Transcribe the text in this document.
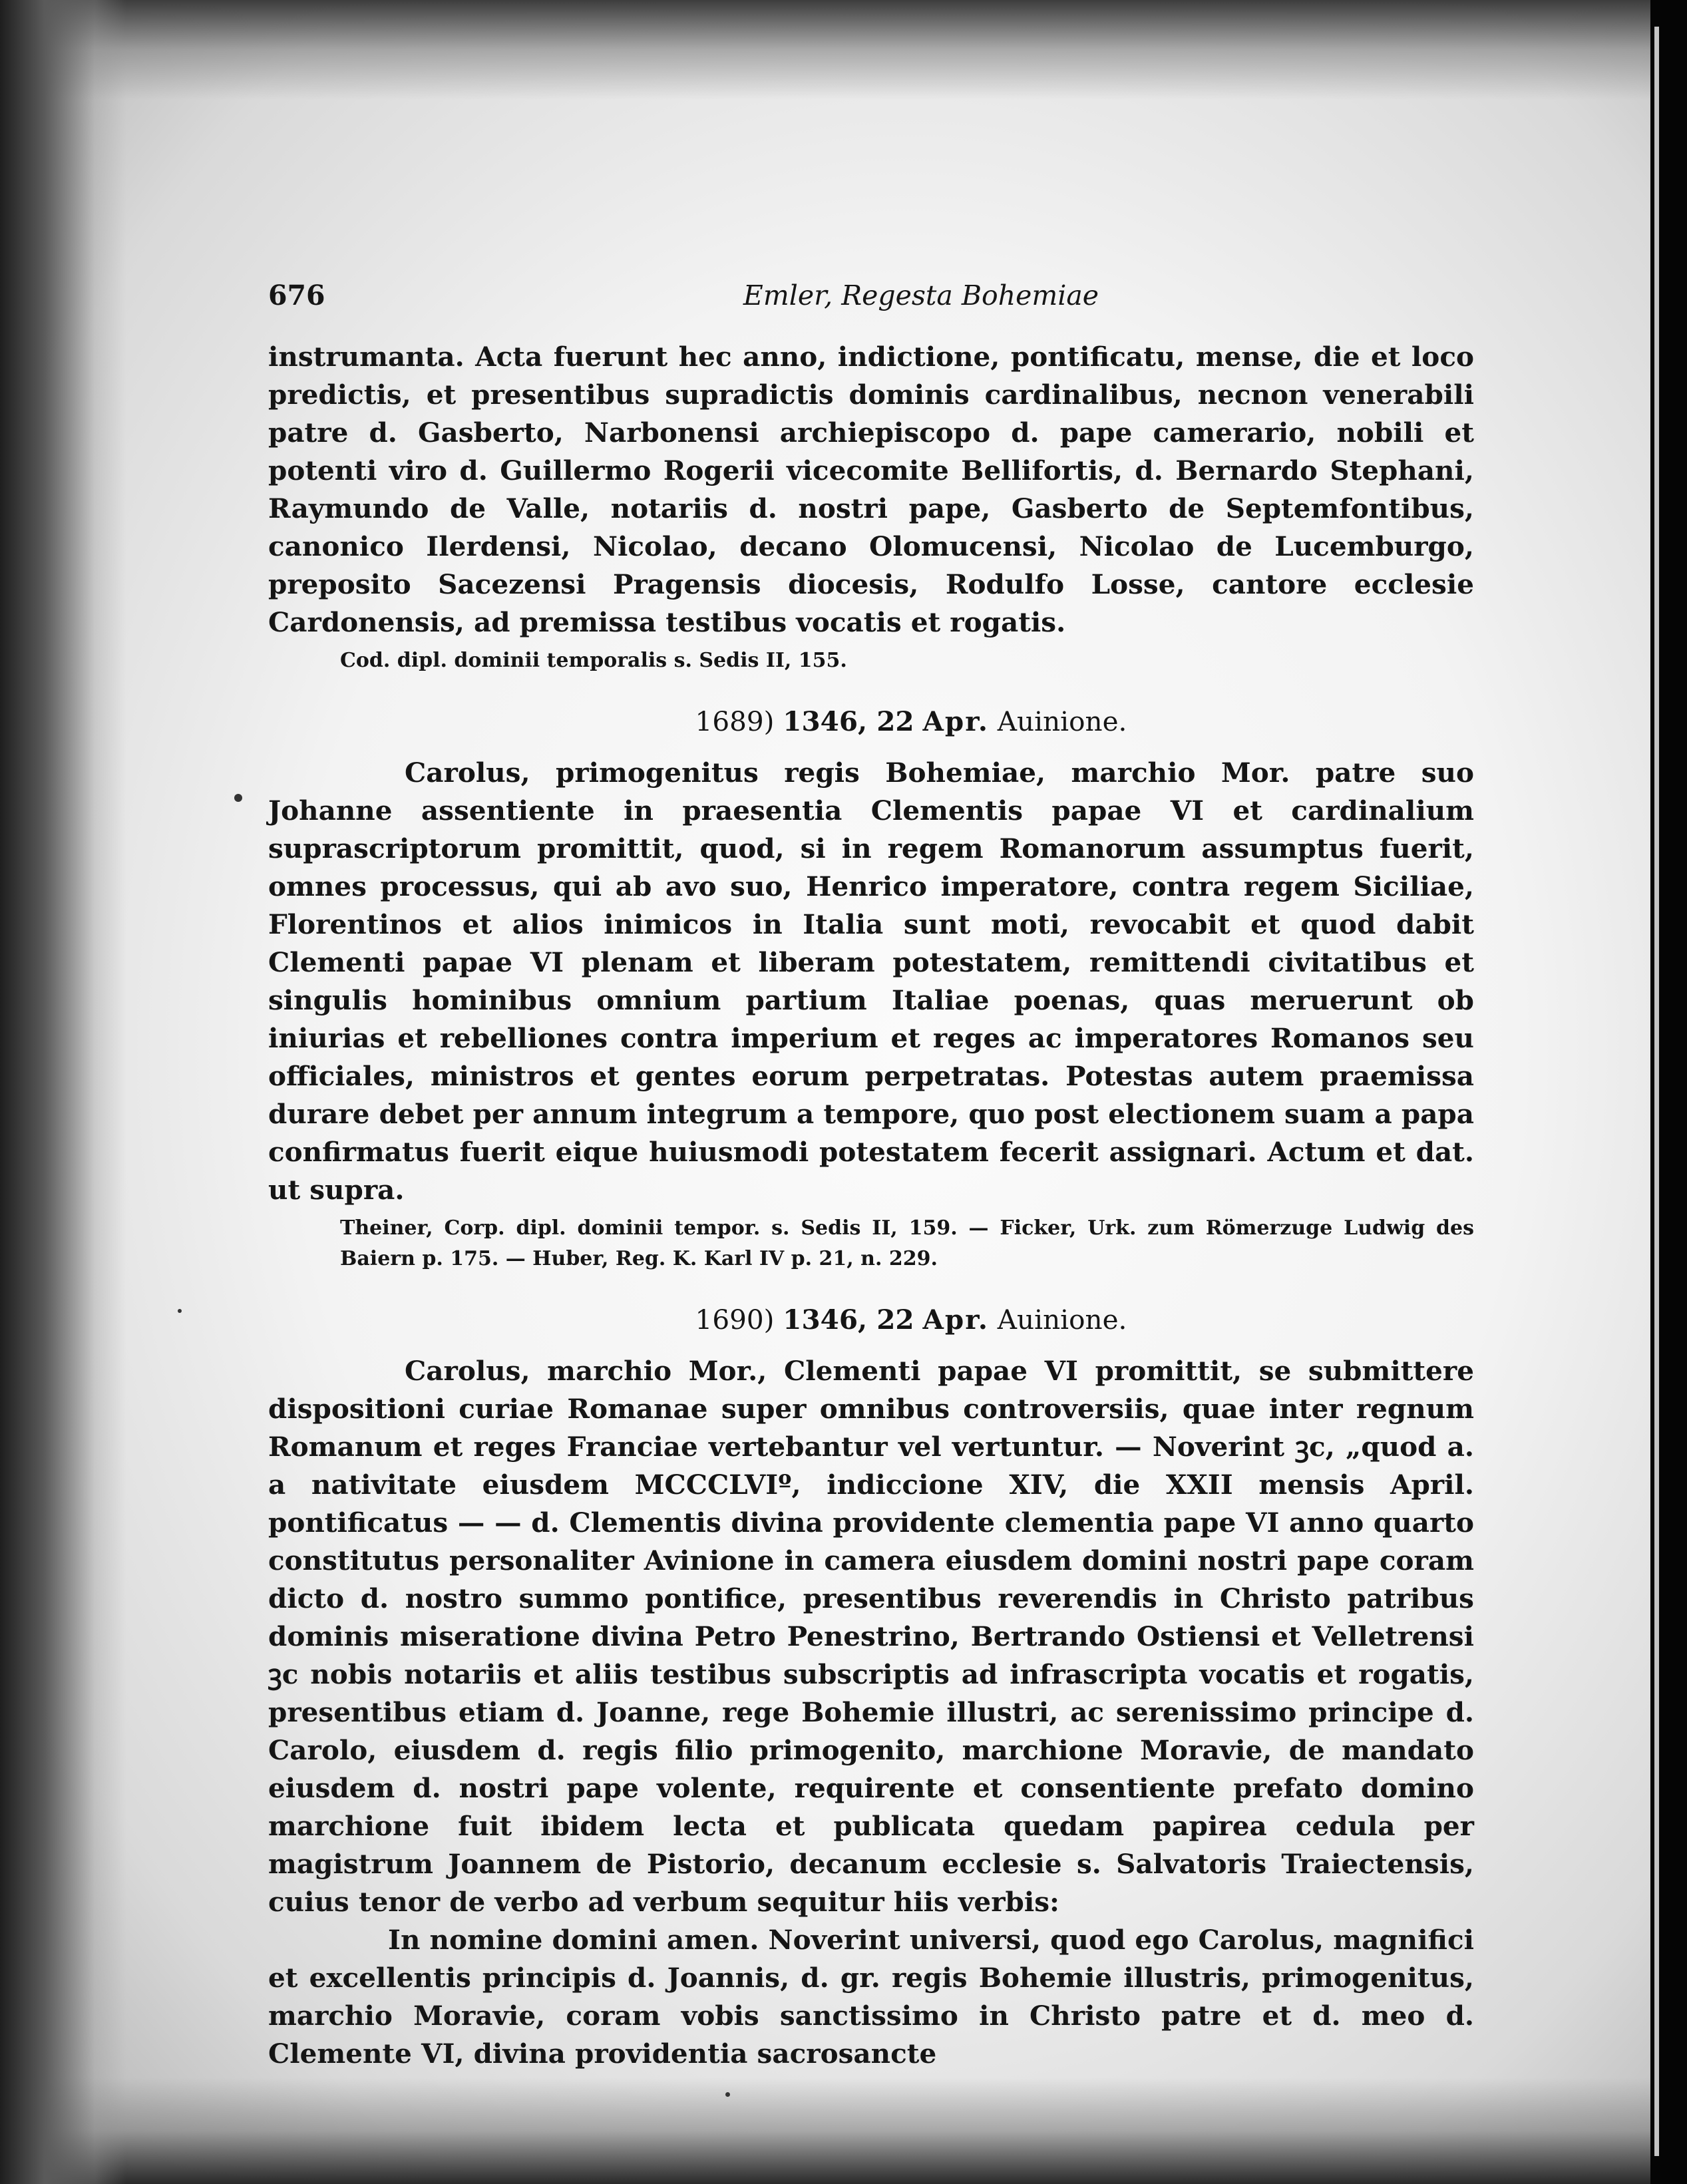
676	Emler, Regesta Bohemiae

instrumanta. Acta fuerunt hec anno, indictione, pontificatu, mense, die et loco predictis, et presentibus supradictis dominis cardinalibus, necnon venerabili patre d. Gasberto, Narbonensi archiepiscopo d. pape camerario, nobili et potenti viro d. Guillermo Rogerii vicecomite Bellifortis, d. Bernardo Stephani, Raymundo de Valle, notariis d. nostri pape, Gasberto de Septemfontibus, canonico Ilerdensi, Nicolao, decano Olomucensi, Nicolao de Lucemburgo, preposito Sacezensi Pragensis diocesis, Rodulfo Losse, cantore ecclesie Cardonensis, ad premissa testibus vocatis et rogatis.

Cod. dipl. dominii temporalis s. Sedis II, 155.

1689) 1346, 22 Apr. Auinione.

Carolus, primogenitus regis Bohemiae, marchio Mor. patre suo Johanne assentiente in praesentia Clementis papae VI et cardinalium suprascriptorum promittit, quod, si in regem Romanorum assumptus fuerit, omnes processus, qui ab avo suo, Henrico imperatore, contra regem Siciliae, Florentinos et alios inimicos in Italia sunt moti, revocabit et quod dabit Clementi papae VI plenam et liberam potestatem, remittendi civitatibus et singulis hominibus omnium partium Italiae poenas, quas meruerunt ob iniurias et rebelliones contra imperium et reges ac imperatores Romanos seu officiales, ministros et gentes eorum perpetratas. Potestas autem praemissa durare debet per annum integrum a tempore, quo post electionem suam a papa confirmatus fuerit eique huiusmodi potestatem fecerit assignari. Actum et dat. ut supra.

Theiner, Corp. dipl. dominii tempor. s. Sedis II, 159. — Ficker, Urk. zum Römerzuge Ludwig des Baiern p. 175. — Huber, Reg. K. Karl IV p. 21, n. 229.

1690) 1346, 22 Apr. Auinione.

Carolus, marchio Mor., Clementi papae VI promittit, se submittere dispositioni curiae Romanae super omnibus controversiis, quae inter regnum Romanum et reges Franciae vertebantur vel vertuntur. — Noverint ꝫc, „quod a. a nativitate eiusdem MCCCLVIº, indiccione XIV, die XXII mensis April. pontificatus — — d. Clementis divina providente clementia pape VI anno quarto constitutus personaliter Avinione in camera eiusdem domini nostri pape coram dicto d. nostro summo pontifice, presentibus reverendis in Christo patribus dominis miseratione divina Petro Penestrino, Bertrando Ostiensi et Velletrensi ꝫc nobis notariis et aliis testibus subscriptis ad infrascripta vocatis et rogatis, presentibus etiam d. Joanne, rege Bohemie illustri, ac serenissimo principe d. Carolo, eiusdem d. regis filio primogenito, marchione Moravie, de mandato eiusdem d. nostri pape volente, requirente et consentiente prefato domino marchione fuit ibidem lecta et publicata quedam papirea cedula per magistrum Joannem de Pistorio, decanum ecclesie s. Salvatoris Traiectensis, cuius tenor de verbo ad verbum sequitur hiis verbis:

In nomine domini amen. Noverint universi, quod ego Carolus, magnifici et excellentis principis d. Joannis, d. gr. regis Bohemie illustris, primogenitus, marchio Moravie, coram vobis sanctissimo in Christo patre et d. meo d. Clemente VI, divina providentia sacrosancte
